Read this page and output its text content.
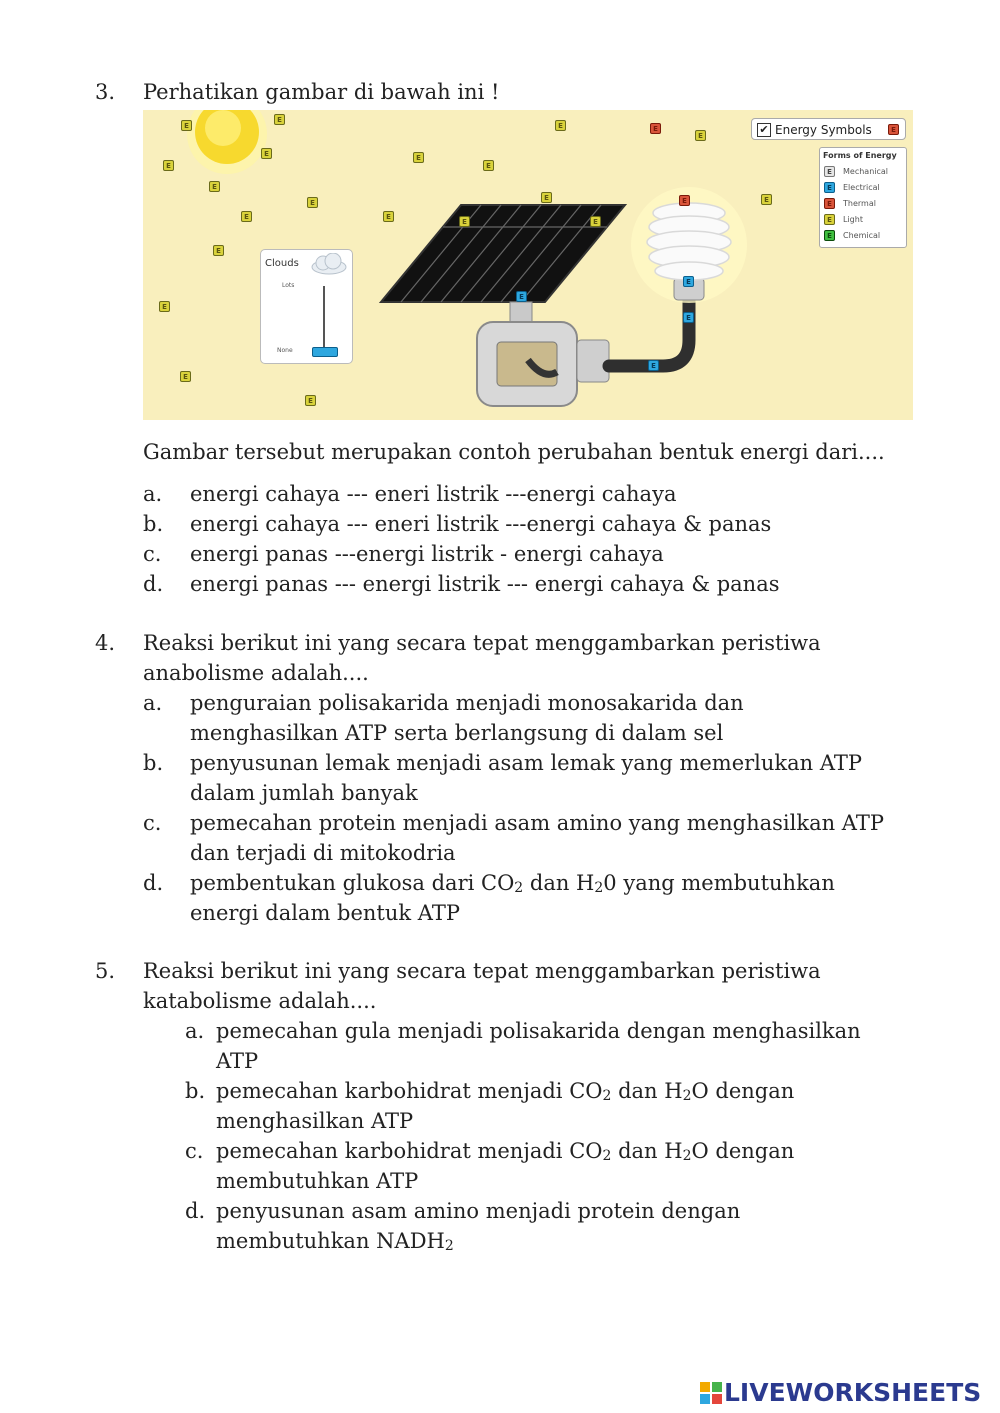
3. Perhatikan gambar di bawah ini !
E
E
E
E
E
E
E
E
E
E
E
E
E
E
E
E
E
E
E	E
E
E
E
E
E
E
✔ Energy Symbols	E
Forms of Energy
E Mechanical
E Electrical
E Thermal
E Light
E Chemical
Clouds
Lots
None
Gambar tersebut merupakan contoh perubahan bentuk energi dari....
a. energi cahaya --- eneri listrik ---energi cahaya
b. energi cahaya --- eneri listrik ---energi cahaya & panas
c. energi panas ---energi listrik - energi cahaya
d. energi panas --- energi listrik --- energi cahaya & panas
4. Reaksi berikut ini yang secara tepat menggambarkan peristiwa
anabolisme adalah....
a. penguraian polisakarida menjadi monosakarida dan
menghasilkan ATP serta berlangsung di dalam sel
b. penyusunan lemak menjadi asam lemak yang memerlukan ATP
dalam jumlah banyak
c. pemecahan protein menjadi asam amino yang menghasilkan ATP
dan terjadi di mitokodria
d. pembentukan glukosa dari $CO_2$ dan $H_20$ yang membutuhkan
energi dalam bentuk ATP
5. Reaksi berikut ini yang secara tepat menggambarkan peristiwa
katabolisme adalah....
a. pemecahan gula menjadi polisakarida dengan menghasilkan
ATP
b. pemecahan karbohidrat menjadi $CO_2$ dan $H_2O$ dengan
menghasilkan ATP
c. pemecahan karbohidrat menjadi $CO_2$ dan $H_2O$ dengan
membutuhkan ATP
d. penyusunan asam amino menjadi protein dengan
membutuhkan $NADH_2$
LIVEWORKSHEETS
